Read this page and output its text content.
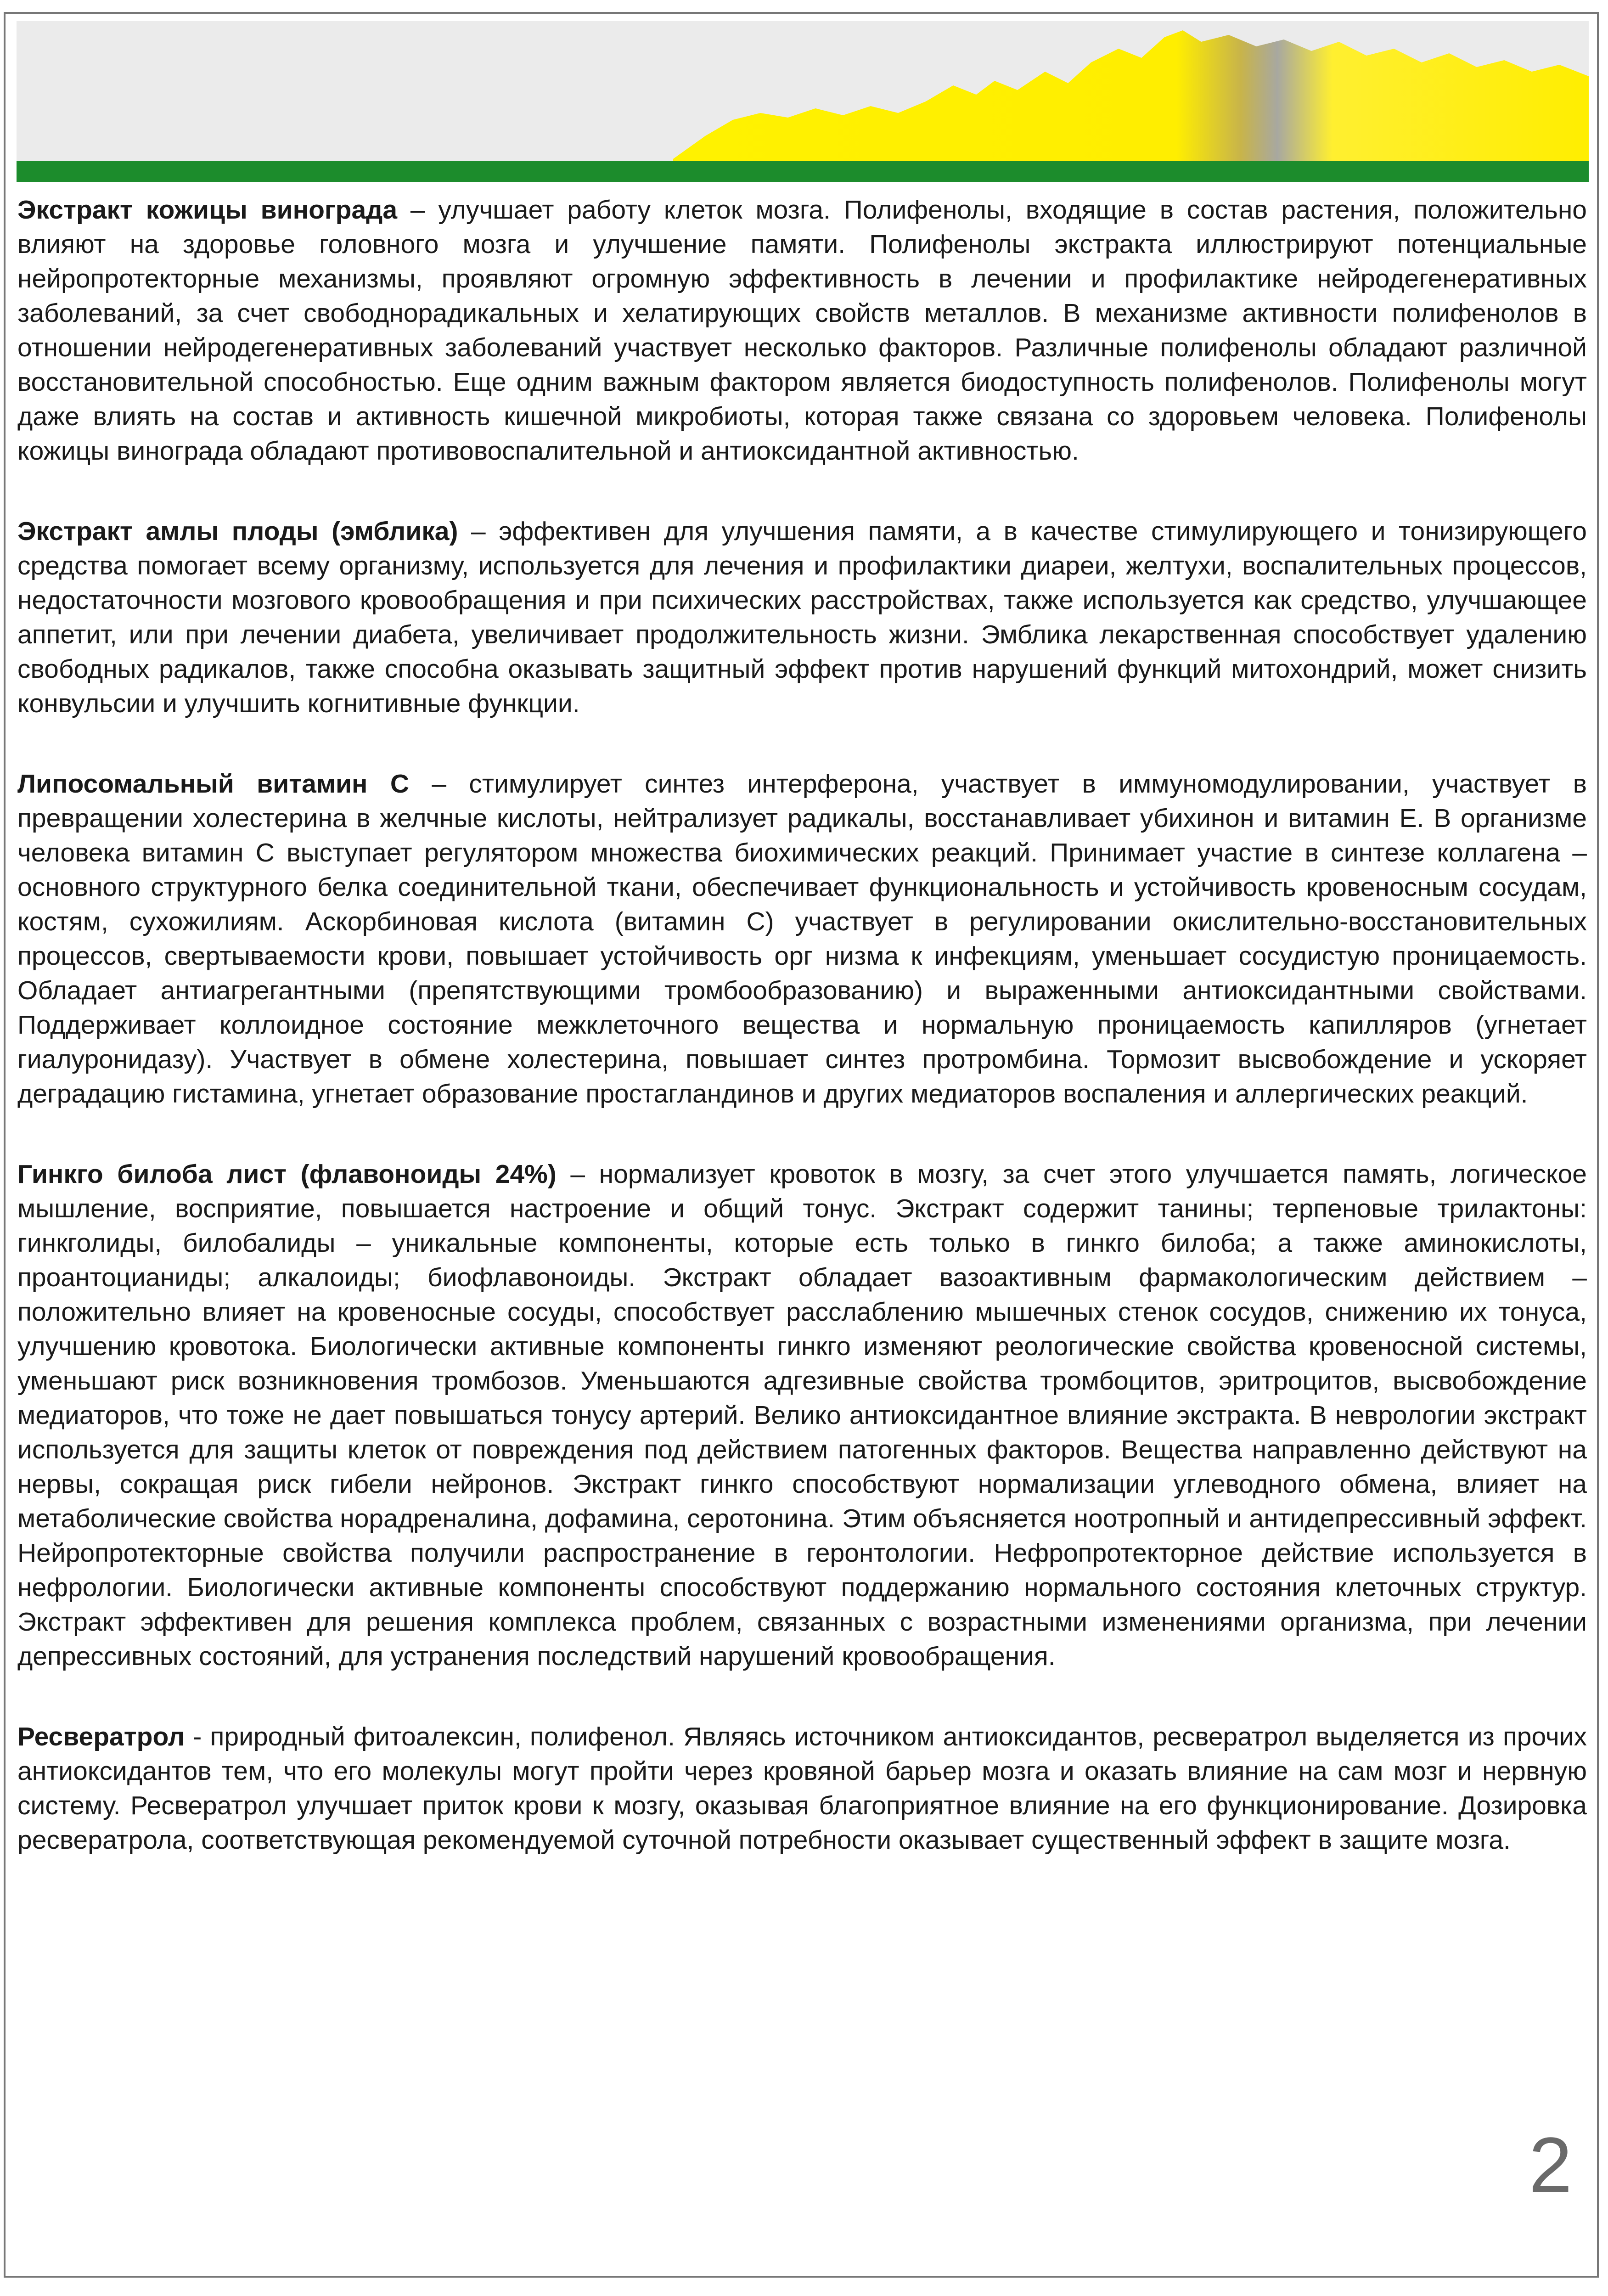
Экстракт кожицы винограда – улучшает работу клеток мозга. Полифенолы, входящие в состав растения, положительно влияют на здоровье головного мозга и улучшение памяти. Полифенолы экстракта иллюстрируют потенциальные нейропротекторные механизмы, проявляют огромную эффективность в лечении и профилактике нейродегенеративных заболеваний, за счет свободнорадикальных и хелатирующих свойств металлов. В механизме активности полифенолов в отношении нейродегенеративных заболеваний участвует несколько факторов. Различные полифенолы обладают различной восстановительной способностью. Еще одним важным фактором является биодоступность полифенолов. Полифенолы могут даже влиять на состав и активность кишечной микробиоты, которая также связана со здоровьем человека. Полифенолы кожицы винограда обладают противовоспалительной и антиоксидантной активностью.

Экстракт амлы плоды (эмблика) – эффективен для улучшения памяти, а в качестве стимулирующего и тонизирующего средства помогает всему организму, используется для лечения и профилактики диареи, желтухи, воспалительных процессов, недостаточности мозгового кровообращения и при психических расстройствах, также используется как средство, улучшающее аппетит, или при лечении диабета, увеличивает продолжительность жизни. Эмблика лекарственная способствует удалению свободных радикалов, также способна оказывать защитный эффект против нарушений функций митохондрий, может снизить конвульсии и улучшить когнитивные функции.

Липосомальный витамин С – стимулирует синтез интерферона, участвует в иммуномодулировании, участвует в превращении холестерина в желчные кислоты, нейтрализует радикалы, восстанавливает убихинон и витамин Е. В организме человека витамин С выступает регулятором множества биохимических реакций. Принимает участие в синтезе коллагена – основного структурного белка соединительной ткани, обеспечивает функциональность и устойчивость кровеносным сосудам, костям, сухожилиям. Аскорбиновая кислота (витамин С) участвует в регулировании окислительно-восстановительных процессов, свертываемости крови, повышает устойчивость орг низма к инфекциям, уменьшает сосудистую проницаемость. Обладает антиагрегантными (препятствующими тромбообразованию) и выраженными антиоксидантными свойствами. Поддерживает коллоидное состояние межклеточного вещества и нормальную проницаемость капилляров (угнетает гиалуронидазу). Участвует в обмене холестерина, повышает синтез протромбина. Тормозит высвобождение и ускоряет деградацию гистамина, угнетает образование простагландинов и других медиаторов воспаления и аллергических реакций.

Гинкго билоба лист (флавоноиды 24%) – нормализует кровоток в мозгу, за счет этого улучшается память, логическое мышление, восприятие, повышается настроение и общий тонус. Экстракт содержит танины; терпеновые трилактоны: гинкголиды, билобалиды – уникальные компоненты, которые есть только в гинкго билоба; а также аминокислоты, проантоцианиды; алкалоиды; биофлавоноиды. Экстракт обладает вазоактивным фармакологическим действием – положительно влияет на кровеносные сосуды, способствует расслаблению мышечных стенок сосудов, снижению их тонуса, улучшению кровотока. Биологически активные компоненты гинкго изменяют реологические свойства кровеносной системы, уменьшают риск возникновения тромбозов. Уменьшаются адгезивные свойства тромбоцитов, эритроцитов, высвобождение медиаторов, что тоже не дает повышаться тонусу артерий. Велико антиоксидантное влияние экстракта. В неврологии экстракт используется для защиты клеток от повреждения под действием патогенных факторов. Вещества направленно действуют на нервы, сокращая риск гибели нейронов. Экстракт гинкго способствуют нормализации углеводного обмена, влияет на метаболические свойства норадреналина, дофамина, серотонина. Этим объясняется ноотропный и антидепрессивный эффект. Нейропротекторные свойства получили распространение в геронтологии. Нефропротекторное действие используется в нефрологии. Биологически активные компоненты способствуют поддержанию нормального состояния клеточных структур. Экстракт эффективен для решения комплекса проблем, связанных с возрастными изменениями организма, при лечении депрессивных состояний, для устранения последствий нарушений кровообращения.

Ресвератрол - природный фитоалексин, полифенол. Являясь источником антиоксидантов, ресвератрол выделяется из прочих антиоксидантов тем, что его молекулы могут пройти через кровяной барьер мозга и оказать влияние на сам мозг и нервную систему. Ресвератрол улучшает приток крови к мозгу, оказывая благоприятное влияние на его функционирование. Дозировка ресвератрола, соответствующая рекомендуемой суточной потребности оказывает существенный эффект в защите мозга.

2
